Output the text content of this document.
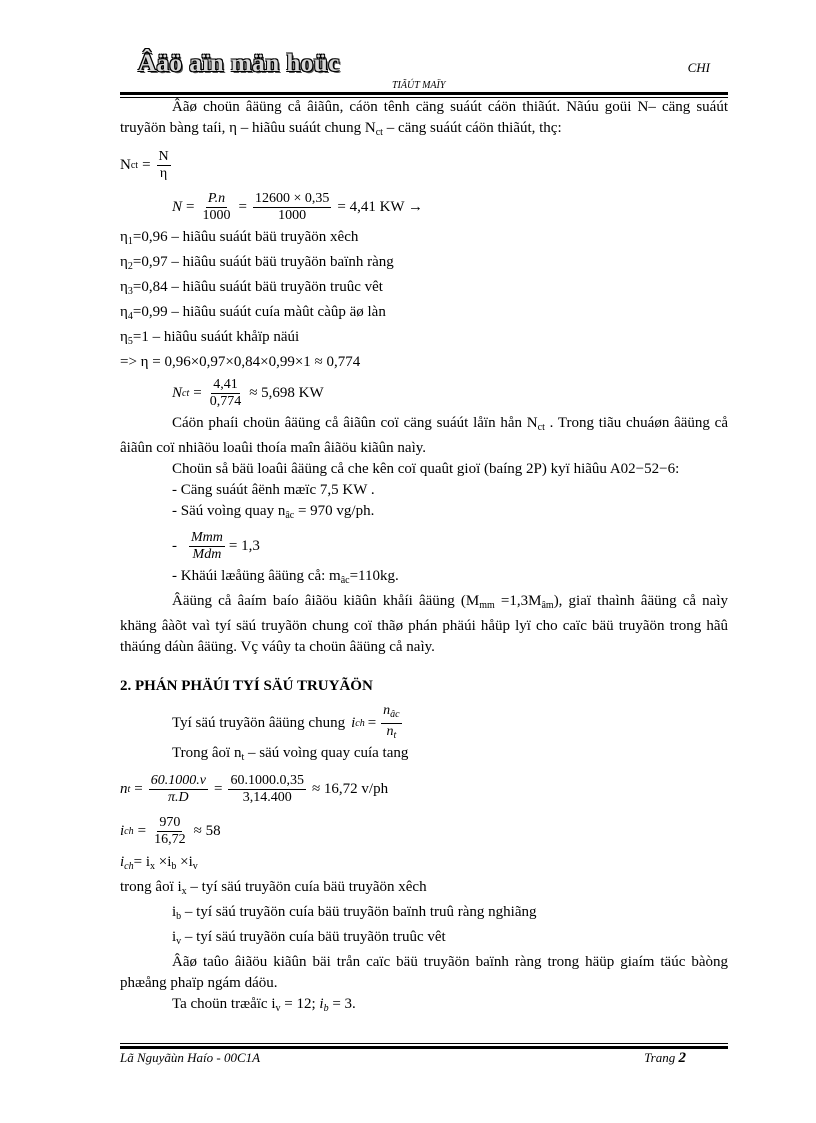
Âäö aïn män hoüc	CHI
TIÃÚT MAÏY

Âãø choün âäüng cå âiãûn, cáön tênh cäng suáút cáön thiãút. Nãúu goüi N– cäng suáút truyãön bàng taíi, η – hiãûu suáút chung $N_{ct}$ – cäng suáút cáön thiãút, thç:

N ct = $\frac{N}{\eta}$
$N = \frac{P.n}{1000} = \frac{12600 \times 0,35}{1000} = 4,41$ KW →
$\eta_1=0,96$ – hiãûu suáút bäü truyãön xêch
$\eta_2=0,97$ – hiãûu suáút bäü truyãön baïnh ràng
$\eta_3=0,84$ – hiãûu suáút bäü truyãön truûc vêt
$\eta_4=0,99$ – hiãûu suáút cuía màût càûp äø làn
$\eta_5=1$ – hiãûu suáút khåïp näúi
=> η = 0,96×0,97×0,84×0,99×1 ≈ 0,774
N ct = $\frac{4,41}{0,774} \approx 5,698$ KW

Cáön phaíi choün âäüng cå âiãûn coï cäng suáút låïn hån $N_{ct}$ . Trong tiãu chuáøn âäüng cå âiãûn coï nhiãöu loaûi thoía maîn âiãöu kiãûn naìy.

Choün så bäü loaûi âäüng cå che kên coï quaût gioï (baíng 2P) kyï hiãûu A02−52−6:

- Cäng suáút âënh mæïc 7,5 KW .
- Säú voìng quay $n_{âc} = 970$ vg/ph.
- $\frac{\text{Mmm}}{\text{Mdm}} = 1,3$
- Khäúi læåüng âäüng cå: $m_{âc}=110kg$.

Âäüng cå âaím baío âiãöu kiãûn khåíi âäüng $(M_{mm} =1,3M_{âm})$, giaï thaình âäüng cå naìy khäng âàõt vaì tyí säú truyãön chung coï thãø phán phäúi håüp lyï cho caïc bäü truyãön trong hãû thäúng dáùn âäüng. Vç váûy ta choün âäüng cå naìy.

2. PHÁN PHÄÚI TYÍ SÄÚ TRUYÃÖN
Tyí säú truyãön âäüng chung i ch = $\frac{n_{âc}}{n_t}$
Trong âoï $n_t$ – säú voìng quay cuía tang
n $t = \frac{60.1000.v}{\pi.D} = \frac{60.1000.0,35}{3,14.400} \approx 16,72$ v/ph
i ch = $\frac{970}{16,72} \approx 58$
$i_{ch}= i_x \times i_b \times i_v$
trong âoï $i_x$ – tyí säú truyãön cuía bäü truyãön xêch
$i_b$ – tyí säú truyãön cuía bäü truyãön baïnh truû ràng nghiãng
$i_v$ – tyí säú truyãön cuía bäü truyãön truûc vêt

Âãø taûo âiãöu kiãûn bäi trån caïc bäü truyãön baïnh ràng trong häüp giaím täúc bàòng phæång phaïp ngám dáöu.

Ta choün træåïc $i_v = 12$; $i_b = 3$.
Lã Nguyãùn Haío - 00C1A	Trang 2
